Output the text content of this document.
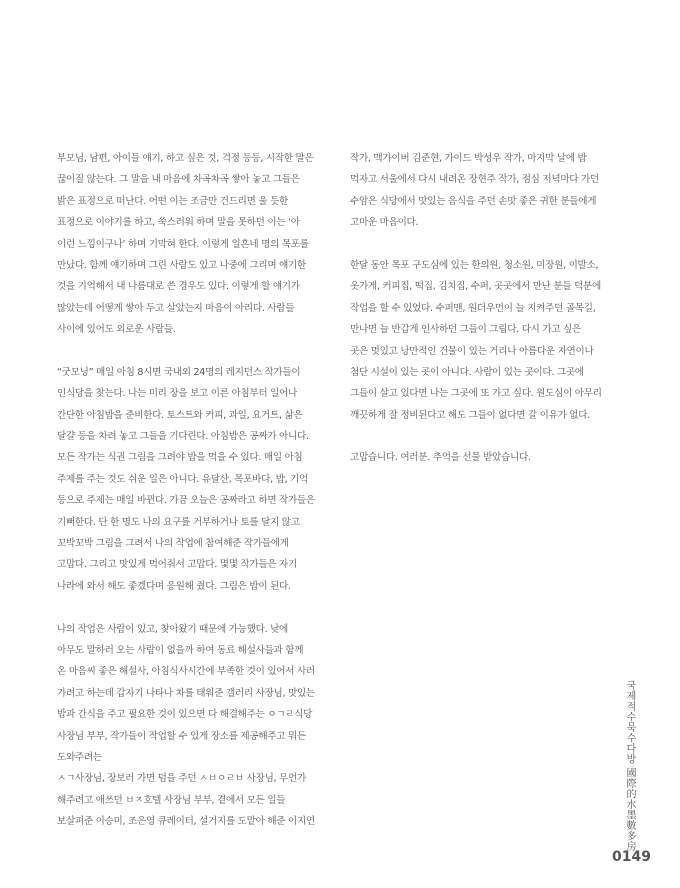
부모님, 남편, 아이들 얘기, 하고 싶은 것, 걱정 등등, 시작한 말은
끊이질 않는다. 그 말을 내 마음에 차곡차곡 쌓아 놓고 그들은
밝은 표정으로 떠난다. 어떤 이는 조금만 건드리면 울 듯한
표정으로 이야기를 하고, 쑥스러워 하며 말을 못하던 이는 ‘아
이런 느낌이구나’ 하며 기막혀 한다. 이렇게 일흔네 명의 목포를
만났다. 함께 얘기하며 그린 사람도 있고 나중에 그리며 얘기한
것을 기억해서 내 나름대로 쓴 경우도 있다. 이렇게 할 얘기가
많았는데 어떻게 쌓아 두고 살았는지 마음이 아리다. 사람들
사이에 있어도 외로운 사람들.
“굿모닝” 매일 아침 8시면 국내외 24명의 레지던스 작가들이
인식당을 찾는다. 나는 미리 장을 보고 이른 아침부터 일어나
간단한 아침밥을 준비한다. 토스트와 커피, 과일, 요거트, 삶은
달걀 등을 차려 놓고 그들을 기다린다. 아침밥은 공짜가 아니다.
모든 작가는 식권 그림을 그려야 밥을 먹을 수 있다. 매일 아침
주제를 주는 것도 쉬운 일은 아니다. 유달산, 목포바다, 밥, 기억
등으로 주제는 매일 바뀐다. 가끔 오늘은 공짜라고 하면 작가들은
기뻐한다. 단 한 명도 나의 요구를 거부하거나 토를 달지 않고
꼬박꼬박 그림을 그려서 나의 작업에 참여해준 작가들에게
고맙다. 그리고 맛있게 먹어줘서 고맙다. 몇몇 작가들은 자기
나라에 와서 해도 좋겠다며 응원해 줬다. 그림은 밥이 된다.
나의 작업은 사람이 있고, 찾아왔기 때문에 가능했다. 낮에
아무도 말하러 오는 사람이 없을까 하여 동료 해설사들과 함께
온 마음씨 좋은 해설사, 아침식사시간에 부족한 것이 있어서 사러
가려고 하는데 갑자기 나타나 차를 태워준 갤러리 사장님, 맛있는
밥과 간식을 주고 필요한 것이 있으면 다 해결해주는 ㅇㄱㄹ식당
사장님 부부, 작가들이 작업할 수 있게 장소를 제공해주고 뭐든
도와주려는
ㅅㄱ사장님, 장보러 가면 덤을 주던 ㅅㅂㅇㄹㅂ 사장님, 무언가
해주려고 애쓰던 ㅂㅈ호텔 사장님 부부, 곁에서 모든 일들
보살펴준 이승미, 조은영 큐레이터, 설거지를 도맡아 해준 이지연
작가, 맥가이버 김준현, 가이드 박성우 작가, 마지막 날에 밥
먹자고 서울에서 다시 내려온 장현주 작가, 점심 저녁마다 가던
수암은 식당에서 맛있는 음식을 주던 손맛 좋은 귀한 분들에게
고마운 마음이다.
한달 동안 목포 구도심에 있는 한의원, 청소원, 미장원, 이발소,
옷가게, 커피집, 떡집, 김치집, 수퍼, 곳곳에서 만난 분들 덕분에
작업을 할 수 있었다. 수퍼맨, 원더우먼이 늘 지켜주던 골목길,
만나면 늘 반갑게 인사하던 그들이 그립다. 다시 가고 싶은
곳은 멋있고 낭만적인 건물이 있는 거리나 아름다운 자연이나
첨단 시설이 있는 곳이 아니다. 사람이 있는 곳이다. 그곳에
그들이 살고 있다면 나는 그곳에 또 가고 싶다. 원도심이 아무리
깨끗하게 잘 정비된다고 해도 그들이 없다면 갈 이유가 없다.
고맙습니다. 여러분. 추억을 선물 받았습니다.
국제적수묵수다방 國際的水墨數多房
0149
